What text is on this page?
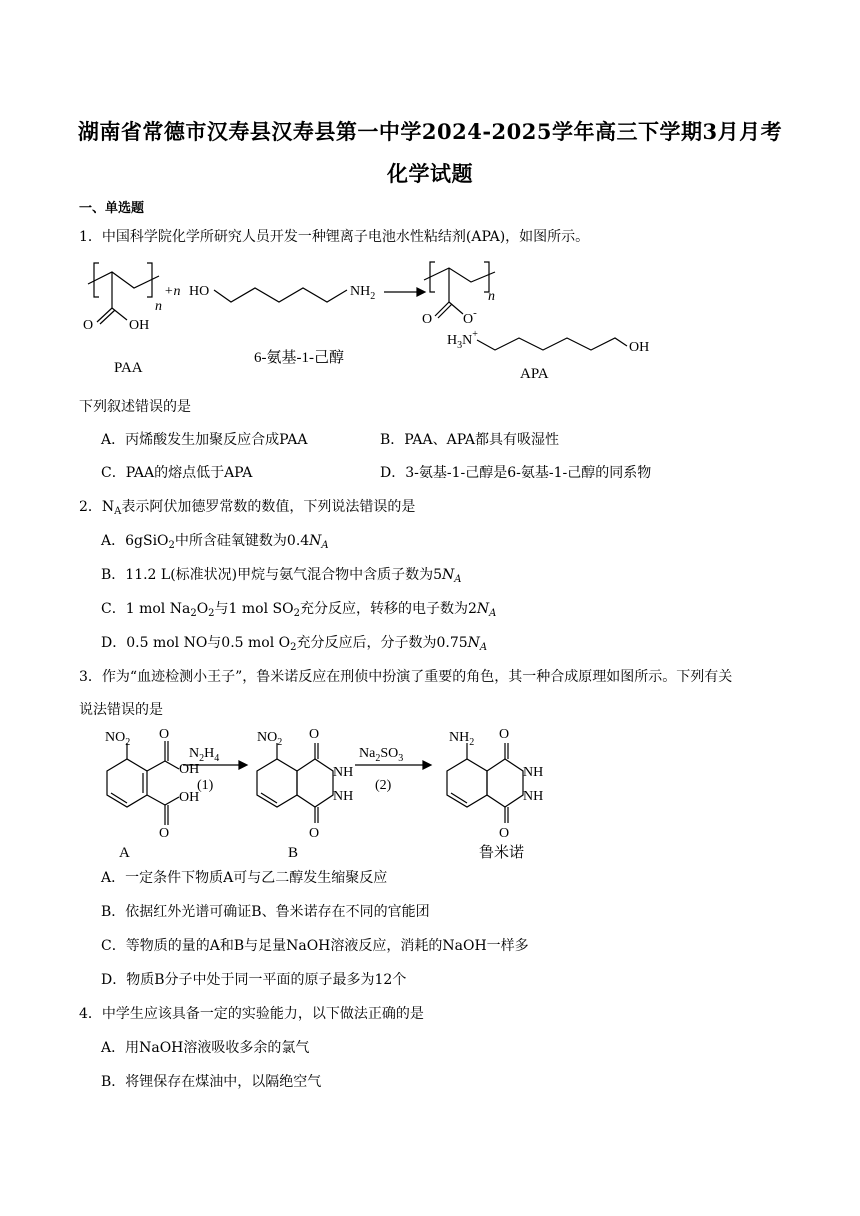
湖南省常德市汉寿县汉寿县第一中学2024-2025学年高三下学期3月月考
化学试题
一、单选题
1．中国科学院化学所研究人员开发一种锂离子电池水性粘结剂(APA)，如图所示。
n
O	OH
PAA
+n HO	$NH_2$
6-氨基-1-己醇
n
O O-
$H_3N^+$
OH
APA
下列叙述错误的是
A．丙烯酸发生加聚反应合成PAA	B．PAA、APA都具有吸湿性
C．PAA的熔点低于APA	D．3-氨基-1-己醇是6-氨基-1-己醇的同系物
2．$N_A$表示阿伏加德罗常数的数值，下列说法错误的是
A．6gSiO$_2$中所含硅氧键数为$0.4N_A$
B．11.2 L(标准状况)甲烷与氨气混合物中含质子数为$5N_A$
C．1 mol $Na_2O_2$与1 mol $SO_2$充分反应，转移的电子数为$2N_A$
D．0.5 mol NO与0.5 mol $O_2$充分反应后，分子数为$0.75N_A$
3．作为“血迹检测小王子”，鲁米诺反应在刑侦中扮演了重要的角色，其一种合成原理如图所示。下列有关
说法错误的是
$NO_2$
O
OH
O
OH
A
$N_2H_4$
(1)
$NO_2$
O
O
NH
NH
B
$Na_2SO_3$
(2)
$NH_2$
O
O
NH
NH
鲁米诺
A．一定条件下物质A可与乙二醇发生缩聚反应
B．依据红外光谱可确证B、鲁米诺存在不同的官能团
C．等物质的量的A和B与足量NaOH溶液反应，消耗的NaOH一样多
D．物质B分子中处于同一平面的原子最多为12个
4．中学生应该具备一定的实验能力，以下做法正确的是
A．用NaOH溶液吸收多余的氯气
B．将锂保存在煤油中，以隔绝空气
